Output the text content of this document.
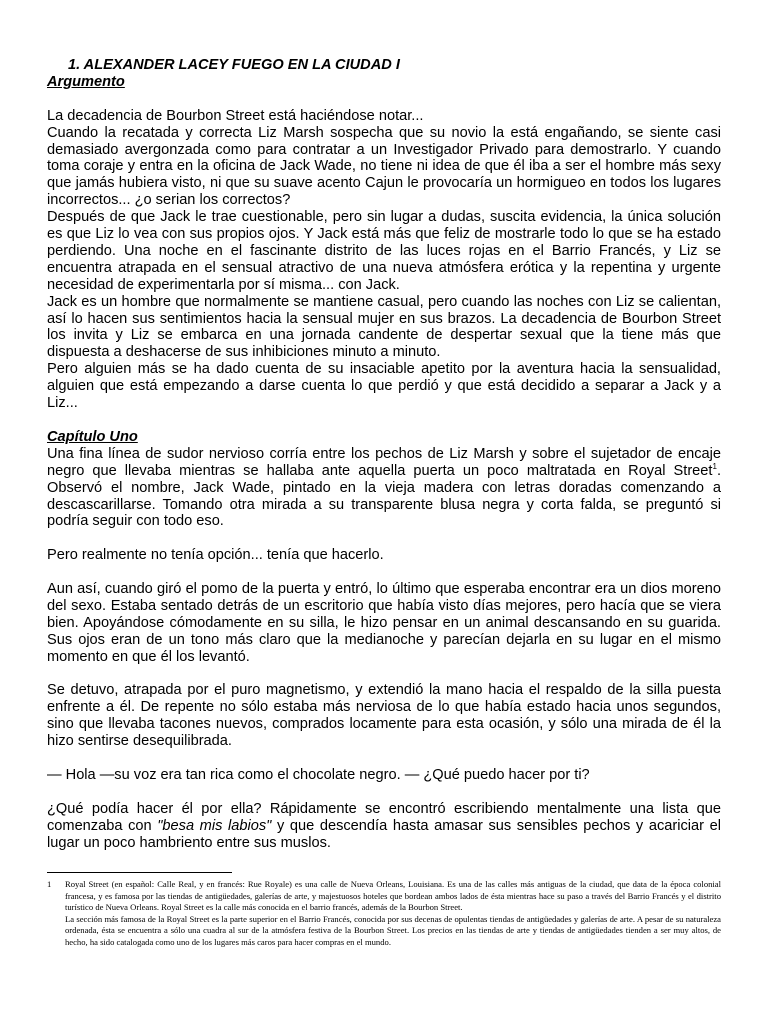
1. ALEXANDER LACEY FUEGO EN LA CIUDAD I

Argumento

La decadencia de Bourbon Street está haciéndose notar...

Cuando la recatada y correcta Liz Marsh sospecha que su novio la está engañando, se siente casi demasiado avergonzada como para contratar a un Investigador Privado para demostrarlo. Y cuando toma coraje y entra en la oficina de Jack Wade, no tiene ni idea de que él iba a ser el hombre más sexy que jamás hubiera visto, ni que su suave acento Cajun le provocaría un hormigueo en todos los lugares incorrectos... ¿o serian los correctos?

Después de que Jack le trae cuestionable, pero sin lugar a dudas, suscita evidencia, la única solución es que Liz lo vea con sus propios ojos. Y Jack está más que feliz de mostrarle todo lo que se ha estado perdiendo. Una noche en el fascinante distrito de las luces rojas en el Barrio Francés, y Liz se encuentra atrapada en el sensual atractivo de una nueva atmósfera erótica y la repentina y urgente necesidad de experimentarla por sí misma... con Jack.

Jack es un hombre que normalmente se mantiene casual, pero cuando las noches con Liz se calientan, así lo hacen sus sentimientos hacia la sensual mujer en sus brazos. La decadencia de Bourbon Street los invita y Liz se embarca en una jornada candente de despertar sexual que la tiene más que dispuesta a deshacerse de sus inhibiciones minuto a minuto.

Pero alguien más se ha dado cuenta de su insaciable apetito por la aventura hacia la sensualidad, alguien que está empezando a darse cuenta lo que perdió y que está decidido a separar a Jack y a Liz...

Capítulo Uno

Una fina línea de sudor nervioso corría entre los pechos de Liz Marsh y sobre el sujetador de encaje negro que llevaba mientras se hallaba ante aquella puerta un poco maltratada en Royal Street$^1$. Observó el nombre, Jack Wade, pintado en la vieja madera con letras doradas comenzando a descascarillarse. Tomando otra mirada a su transparente blusa negra y corta falda, se preguntó si podría seguir con todo eso.

Pero realmente no tenía opción... tenía que hacerlo.

Aun así, cuando giró el pomo de la puerta y entró, lo último que esperaba encontrar era un dios moreno del sexo. Estaba sentado detrás de un escritorio que había visto días mejores, pero hacía que se viera bien. Apoyándose cómodamente en su silla, le hizo pensar en un animal descansando en su guarida. Sus ojos eran de un tono más claro que la medianoche y parecían dejarla en su lugar en el mismo momento en que él los levantó.

Se detuvo, atrapada por el puro magnetismo, y extendió la mano hacia el respaldo de la silla puesta enfrente a él. De repente no sólo estaba más nerviosa de lo que había estado hacia unos segundos, sino que llevaba tacones nuevos, comprados locamente para esta ocasión, y sólo una mirada de él la hizo sentirse desequilibrada.

— Hola —su voz era tan rica como el chocolate negro. — ¿Qué puedo hacer por ti?

¿Qué podía hacer él por ella? Rápidamente se encontró escribiendo mentalmente una lista que comenzaba con "besa mis labios" y que descendía hasta amasar sus sensibles pechos y acariciar el lugar un poco hambriento entre sus muslos.

1 Royal Street (en español: Calle Real, y en francés: Rue Royale) es una calle de Nueva Orleans, Louisiana. Es una de las calles más antiguas de la ciudad, que data de la época colonial francesa, y es famosa por las tiendas de antigüedades, galerías de arte, y majestuosos hoteles que bordean ambos lados de ésta mientras hace su paso a través del Barrio Francés y el distrito turístico de Nueva Orleans. Royal Street es la calle más conocida en el barrio francés, además de la Bourbon Street.

La sección más famosa de la Royal Street es la parte superior en el Barrio Francés, conocida por sus decenas de opulentas tiendas de antigüedades y galerías de arte. A pesar de su naturaleza ordenada, ésta se encuentra a sólo una cuadra al sur de la atmósfera festiva de la Bourbon Street. Los precios en las tiendas de arte y tiendas de antigüedades tienden a ser muy altos, de hecho, ha sido catalogada como uno de los lugares más caros para hacer compras en el mundo.
